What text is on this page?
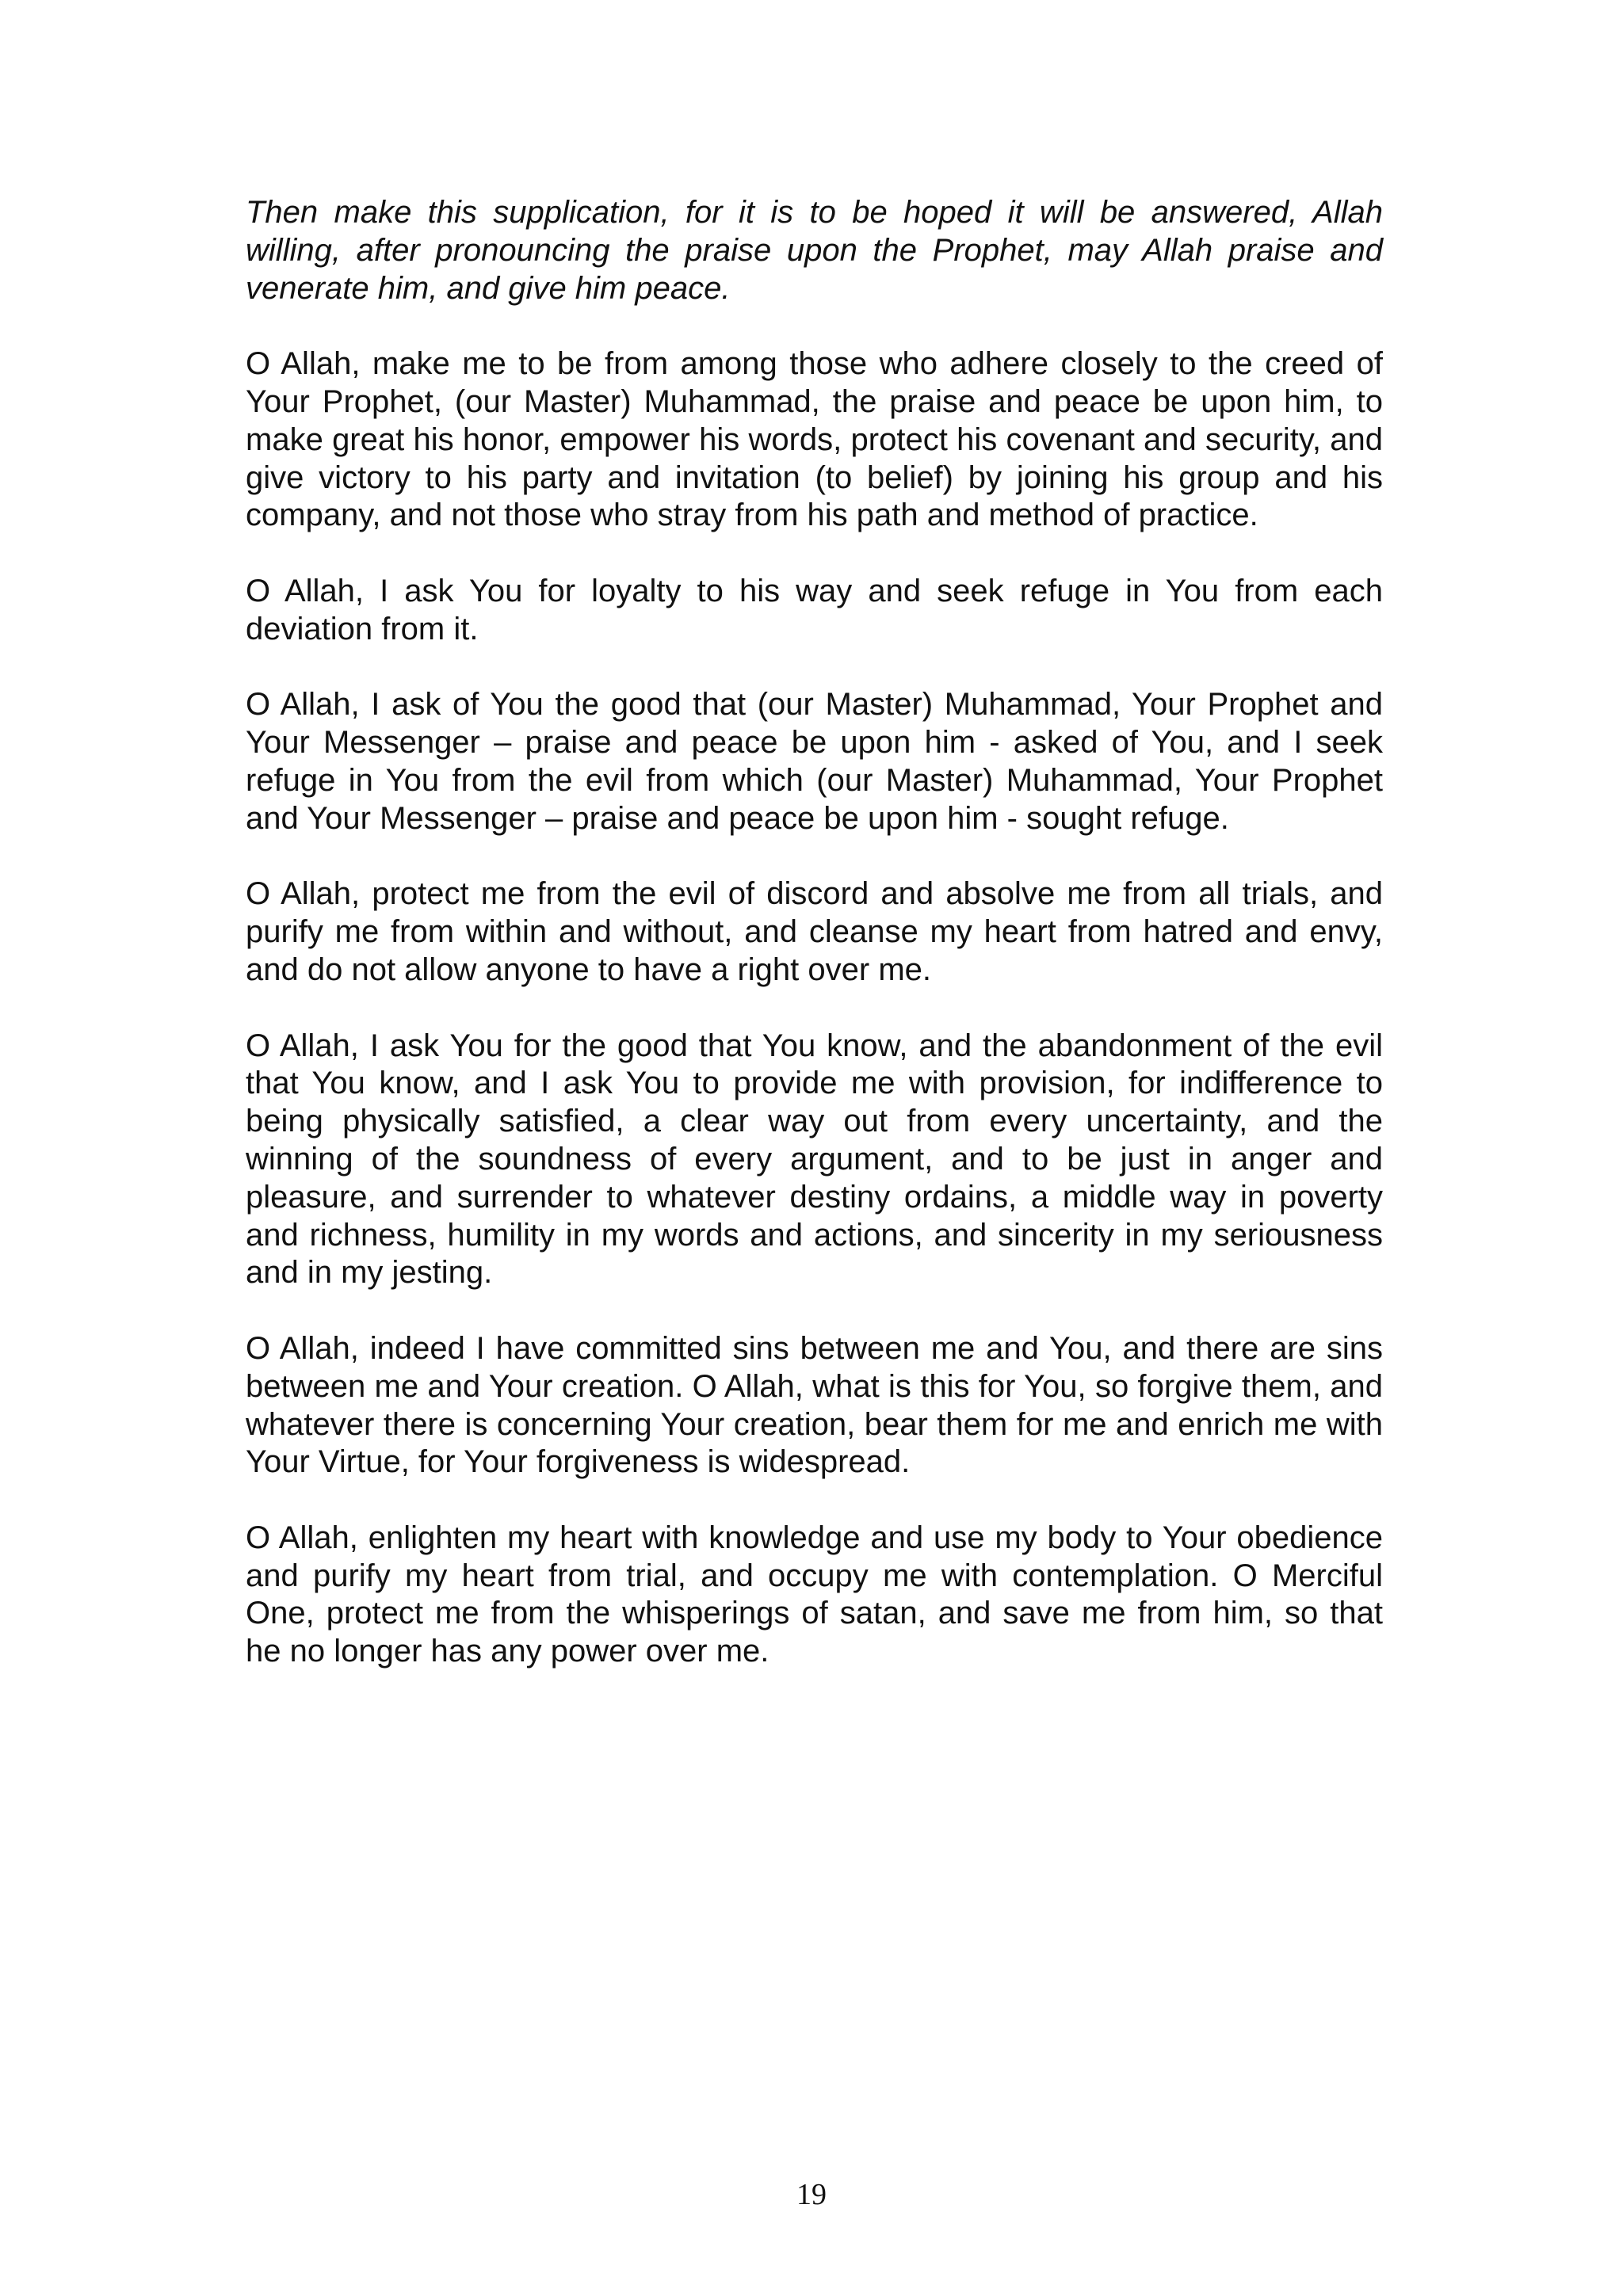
Then make this supplication, for it is to be hoped it will be answered, Allah willing, after pronouncing the praise upon the Prophet, may Allah praise and venerate him, and give him peace.

O Allah, make me to be from among those who adhere closely to the creed of Your Prophet, (our Master) Muhammad, the praise and peace be upon him, to make great his honor, empower his words, protect his covenant and security, and give victory to his party and invitation (to belief) by joining his group and his company, and not those who stray from his path and method of practice.

O Allah, I ask You for loyalty to his way and seek refuge in You from each deviation from it.

O Allah, I ask of You the good that (our Master) Muhammad, Your Prophet and Your Messenger – praise and peace be upon him - asked of You, and I seek refuge in You from the evil from which (our Master) Muhammad, Your Prophet and Your Messenger – praise and peace be upon him - sought refuge.

O Allah, protect me from the evil of discord and absolve me from all trials, and purify me from within and without, and cleanse my heart from hatred and envy, and do not allow anyone to have a right over me.

O Allah, I ask You for the good that You know, and the abandonment of the evil that You know, and I ask You to provide me with provision, for indifference to being physically satisfied, a clear way out from every uncertainty, and the winning of the soundness of every argument, and to be just in anger and pleasure, and surrender to whatever destiny ordains, a middle way in poverty and richness, humility in my words and actions, and sincerity in my seriousness and in my jesting.

O Allah, indeed I have committed sins between me and You, and there are sins between me and Your creation. O Allah, what is this for You, so forgive them, and whatever there is concerning Your creation, bear them for me and enrich me with Your Virtue, for Your forgiveness is widespread.

O Allah, enlighten my heart with knowledge and use my body to Your obedience and purify my heart from trial, and occupy me with contemplation. O Merciful One, protect me from the whisperings of satan, and save me from him, so that he no longer has any power over me.

19
